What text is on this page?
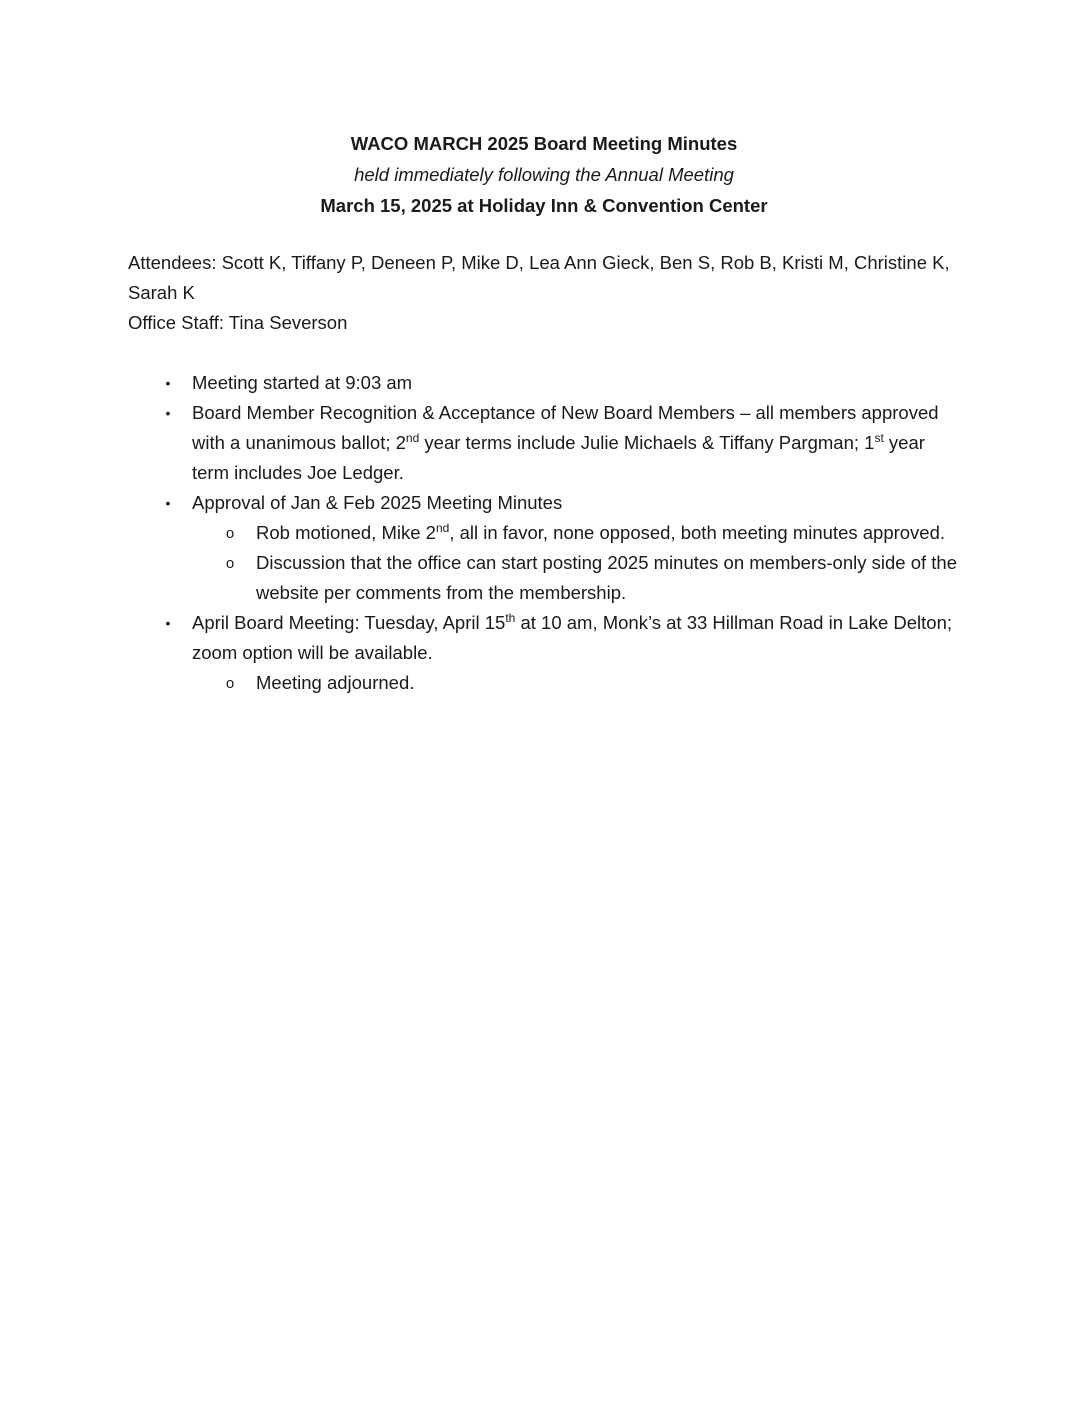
WACO MARCH 2025 Board Meeting Minutes
held immediately following the Annual Meeting
March 15, 2025 at Holiday Inn & Convention Center

Attendees: Scott K, Tiffany P, Deneen P, Mike D, Lea Ann Gieck, Ben S, Rob B, Kristi M, Christine K, Sarah K

Office Staff: Tina Severson

• Meeting started at 9:03 am
• Board Member Recognition & Acceptance of New Board Members – all members approved with a unanimous ballot; 2nd year terms include Julie Michaels & Tiffany Pargman; 1st year term includes Joe Ledger.
• Approval of Jan & Feb 2025 Meeting Minutes
o Rob motioned, Mike 2nd, all in favor, none opposed, both meeting minutes approved.
o Discussion that the office can start posting 2025 minutes on members-only side of the website per comments from the membership.
• April Board Meeting: Tuesday, April 15th at 10 am, Monk’s at 33 Hillman Road in Lake Delton; zoom option will be available.
o Meeting adjourned.
